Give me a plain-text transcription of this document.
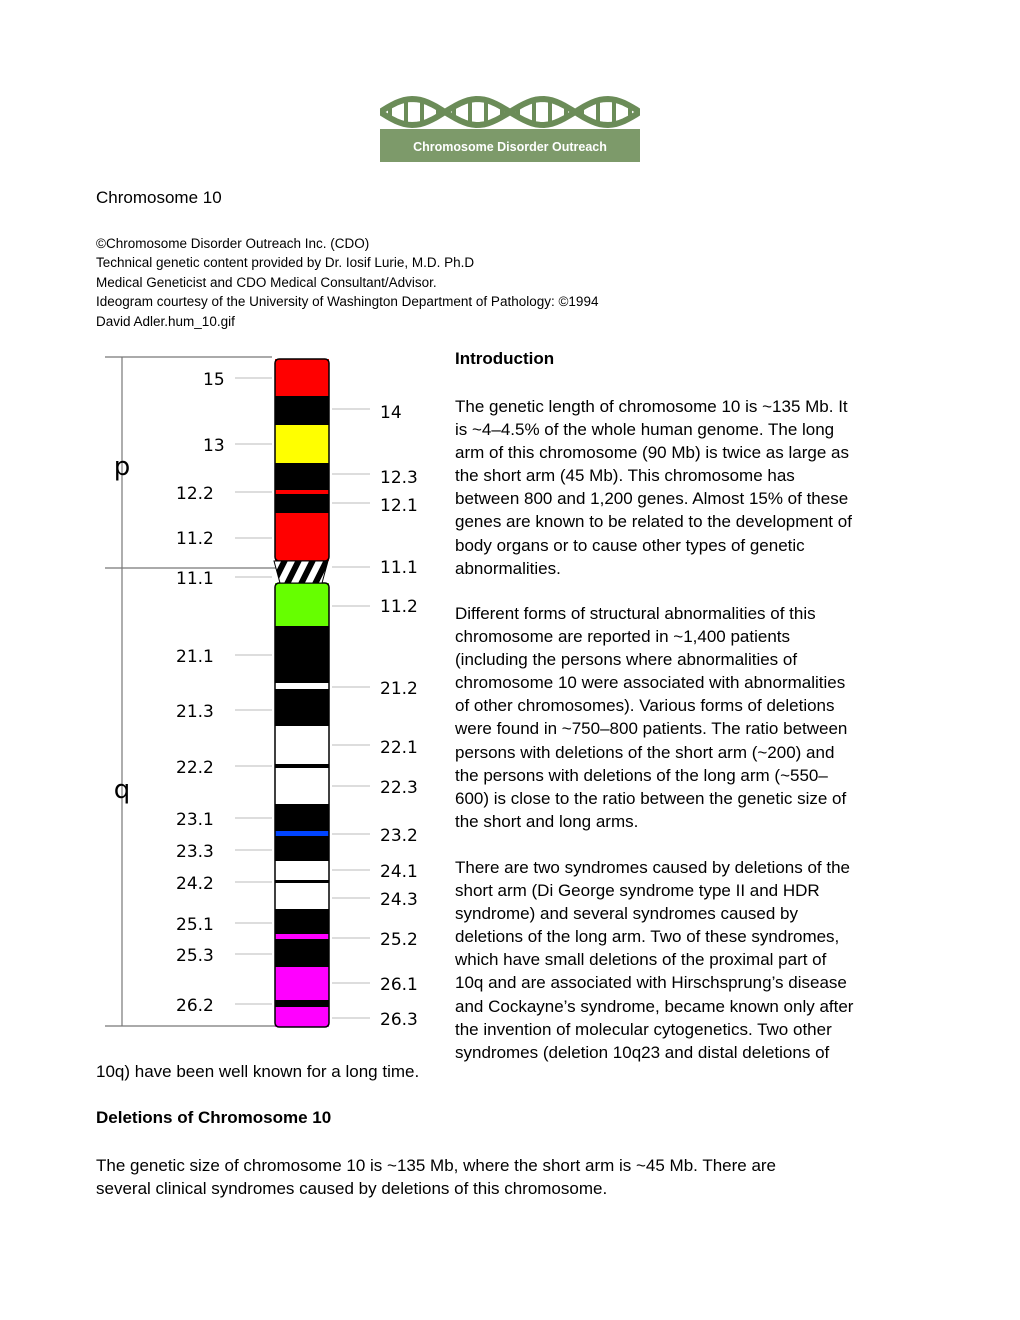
Chromosome Disorder Outreach
Chromosome 10
©Chromosome Disorder Outreach Inc. (CDO)
Technical genetic content provided by Dr. Iosif Lurie, M.D. Ph.D
Medical Geneticist and CDO Medical Consultant/Advisor.
Ideogram courtesy of the University of Washington Department of Pathology: ©1994
David Adler.hum_10.gif
p
q
15
13
12.2
11.2
11.1
21.1
21.3
22.2
23.1
23.3
24.2
25.1
25.3
26.2
14
12.3
12.1
11.1
11.2
21.2
22.1
22.3
23.2
24.1
24.3
25.2
26.1
26.3
Introduction
The genetic length of chromosome 10 is ~135 Mb. It
is ~4–4.5% of the whole human genome. The long
arm of this chromosome (90 Mb) is twice as large as
the short arm (45 Mb). This chromosome has
between 800 and 1,200 genes. Almost 15% of these
genes are known to be related to the development of
body organs or to cause other types of genetic
abnormalities.
Different forms of structural abnormalities of this
chromosome are reported in ~1,400 patients
(including the persons where abnormalities of
chromosome 10 were associated with abnormalities
of other chromosomes). Various forms of deletions
were found in ~750–800 patients. The ratio between
persons with deletions of the short arm (~200) and
the persons with deletions of the long arm (~550–
600) is close to the ratio between the genetic size of
the short and long arms.
There are two syndromes caused by deletions of the
short arm (Di George syndrome type II and HDR
syndrome) and several syndromes caused by
deletions of the long arm. Two of these syndromes,
which have small deletions of the proximal part of
10q and are associated with Hirschsprung’s disease
and Cockayne’s syndrome, became known only after
the invention of molecular cytogenetics. Two other
syndromes (deletion 10q23 and distal deletions of
10q) have been well known for a long time.
Deletions of Chromosome 10
The genetic size of chromosome 10 is ~135 Mb, where the short arm is ~45 Mb. There are
several clinical syndromes caused by deletions of this chromosome.
